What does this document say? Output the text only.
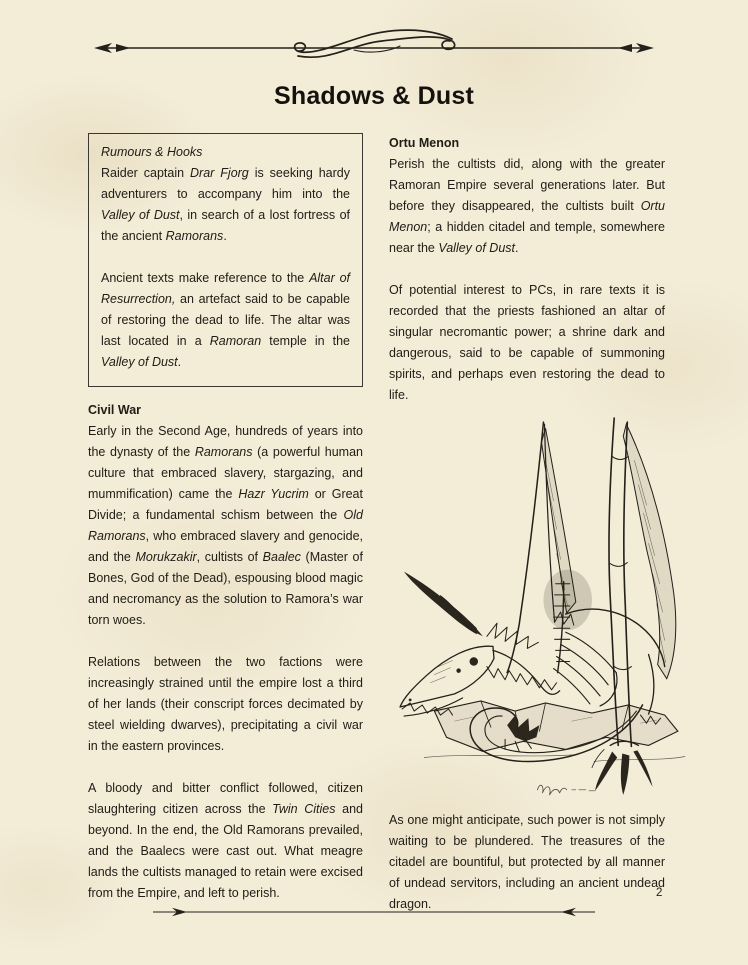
Shadows & Dust

Rumours & Hooks

Raider captain Drar Fjorg is seeking hardy adventurers to accompany him into the Valley of Dust, in search of a lost fortress of the ancient Ramorans.

Ancient texts make reference to the Altar of Resurrection, an artefact said to be capable of restoring the dead to life. The altar was last located in a Ramoran temple in the Valley of Dust.

Civil War

Early in the Second Age, hundreds of years into the dynasty of the Ramorans (a powerful human culture that embraced slavery, stargazing, and mummification) came the Hazr Yucrim or Great Divide; a fundamental schism between the Old Ramorans, who embraced slavery and genocide, and the Morukzakir, cultists of Baalec (Master of Bones, God of the Dead), espousing blood magic and necromancy as the solution to Ramora’s war torn woes.

Relations between the two factions were increasingly strained until the empire lost a third of her lands (their conscript forces decimated by steel wielding dwarves), precipitating a civil war in the eastern provinces.

A bloody and bitter conflict followed, citizen slaughtering citizen across the Twin Cities and beyond. In the end, the Old Ramorans prevailed, and the Baalecs were cast out. What meagre lands the cultists managed to retain were excised from the Empire, and left to perish.

Ortu Menon

Perish the cultists did, along with the greater Ramoran Empire several generations later. But before they disappeared, the cultists built Ortu Menon; a hidden citadel and temple, somewhere near the Valley of Dust.

Of potential interest to PCs, in rare texts it is recorded that the priests fashioned an altar of singular necromantic power; a shrine dark and dangerous, said to be capable of summoning spirits, and perhaps even restoring the dead to life.

As one might anticipate, such power is not simply waiting to be plundered. The treasures of the citadel are bountiful, but protected by all manner of undead servitors, including an ancient undead dragon.

2
